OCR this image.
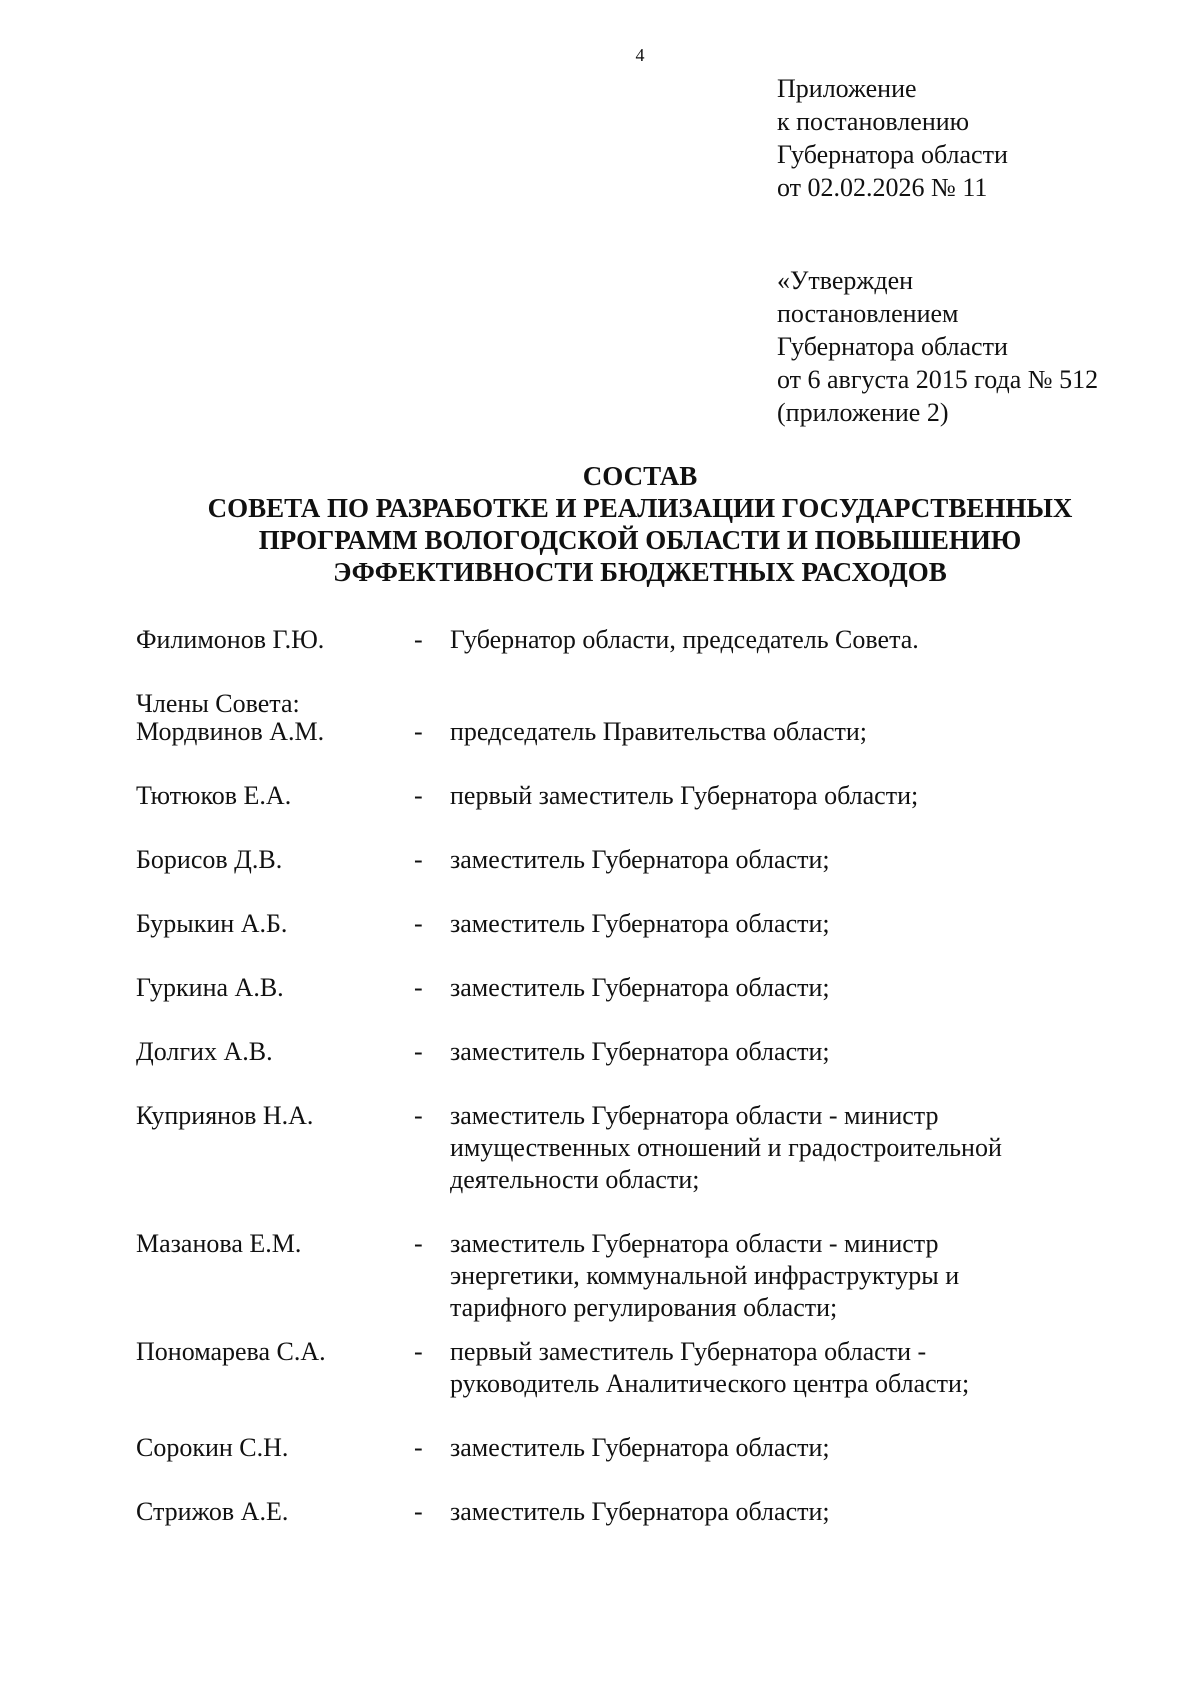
4
Приложение
к постановлению
Губернатора области
от 02.02.2026 № 11
«Утвержден
постановлением
Губернатора области
от 6 августа 2015 года № 512
(приложение 2)
СОСТАВ
СОВЕТА ПО РАЗРАБОТКЕ И РЕАЛИЗАЦИИ ГОСУДАРСТВЕННЫХ
ПРОГРАММ ВОЛОГОДСКОЙ ОБЛАСТИ И ПОВЫШЕНИЮ
ЭФФЕКТИВНОСТИ БЮДЖЕТНЫХ РАСХОДОВ
Филимонов Г.Ю.	- Губернатор области, председатель Совета.
Члены Совета:
Мордвинов А.М.	- председатель Правительства области;
Тютюков Е.А.	- первый заместитель Губернатора области;
Борисов Д.В.	- заместитель Губернатора области;
Бурыкин А.Б.	- заместитель Губернатора области;
Гуркина А.В.	- заместитель Губернатора области;
Долгих А.В.	- заместитель Губернатора области;
Куприянов Н.А.	- заместитель Губернатора области - министр
имущественных отношений и градостроительной
деятельности области;
Мазанова Е.М.	- заместитель Губернатора области - министр
энергетики, коммунальной инфраструктуры и
тарифного регулирования области;
Пономарева С.А.	- первый заместитель Губернатора области -
руководитель Аналитического центра области;
Сорокин С.Н.	- заместитель Губернатора области;
Стрижов А.Е.	- заместитель Губернатора области;
